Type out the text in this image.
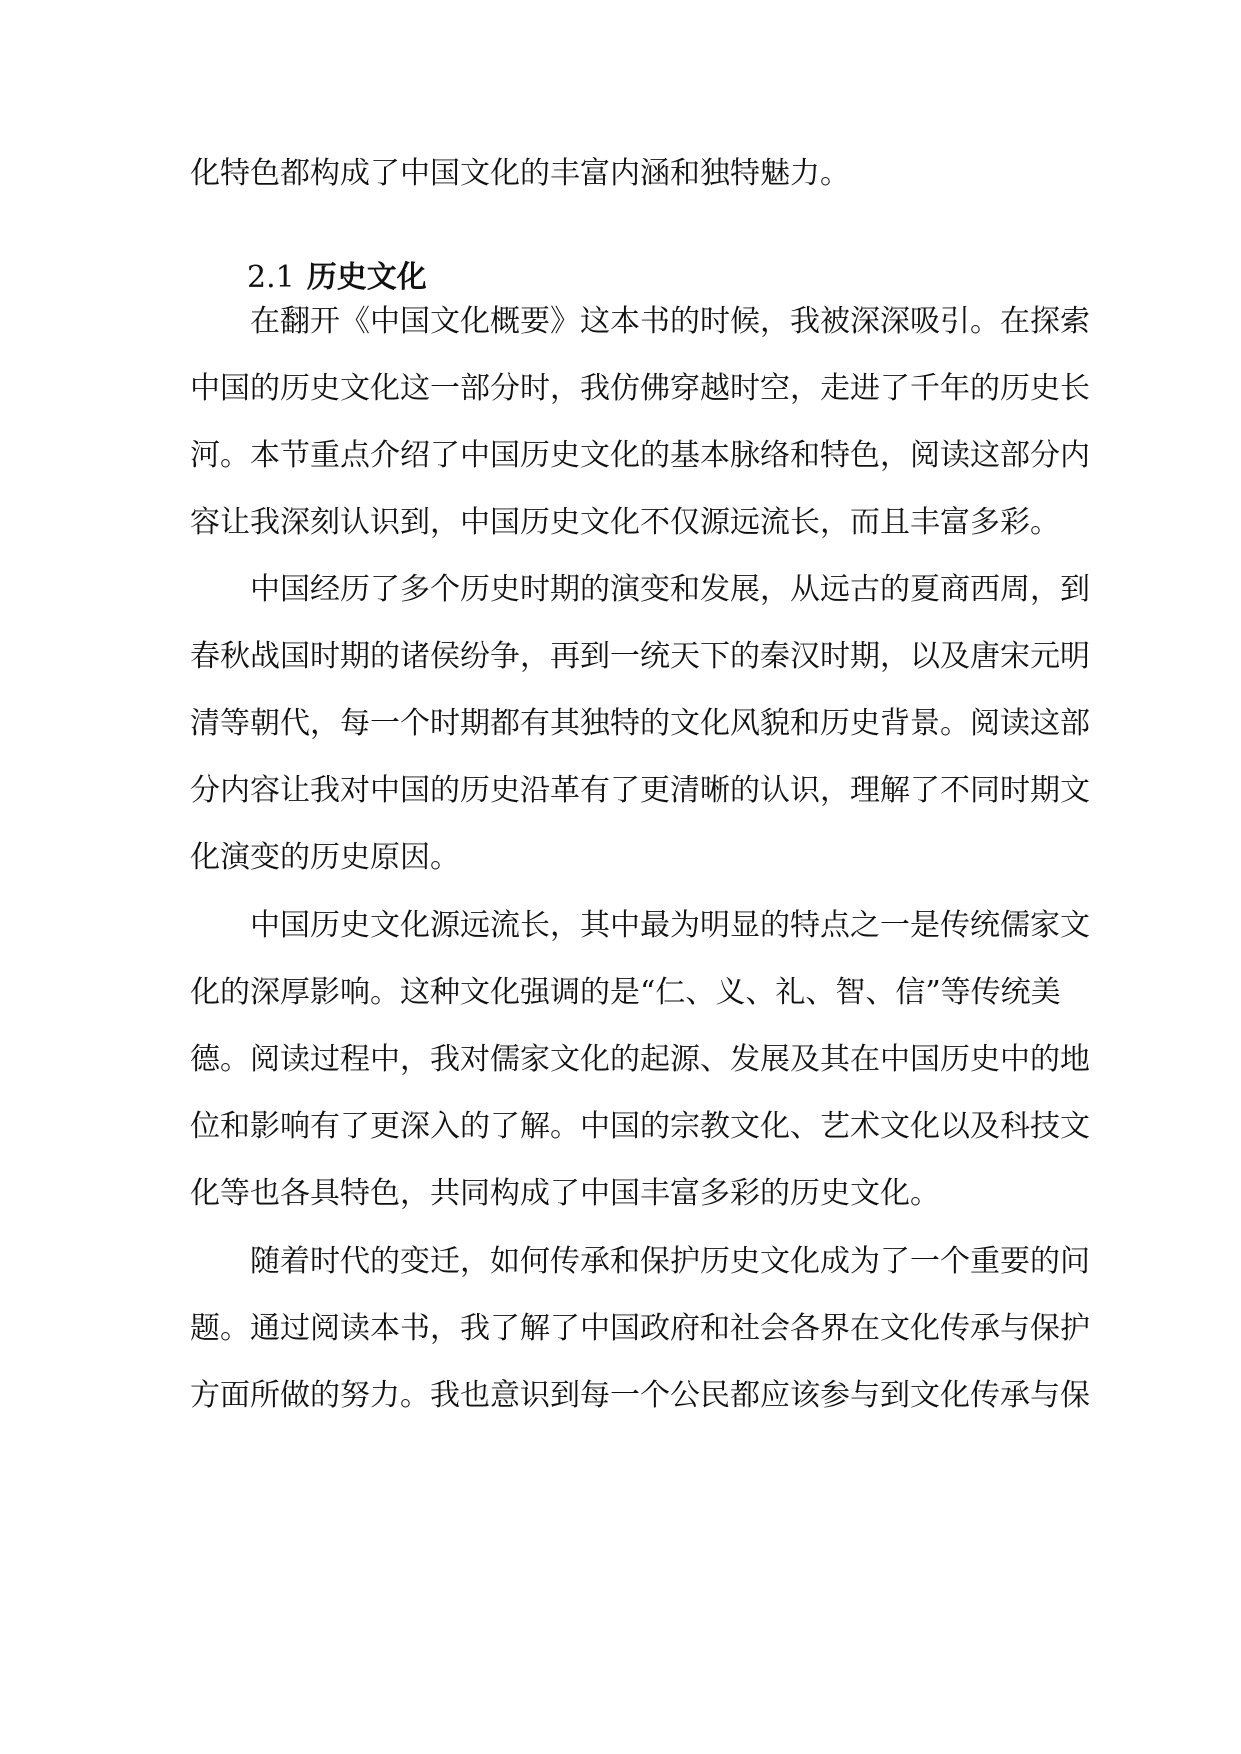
化特色都构成了中国文化的丰富内涵和独特魅力。
2.1 历史文化
在翻开《中国文化概要》这本书的时候，我被深深吸引。在探索
中国的历史文化这一部分时，我仿佛穿越时空，走进了千年的历史长
河。本节重点介绍了中国历史文化的基本脉络和特色，阅读这部分内
容让我深刻认识到，中国历史文化不仅源远流长，而且丰富多彩。
中国经历了多个历史时期的演变和发展，从远古的夏商西周，到
春秋战国时期的诸侯纷争，再到一统天下的秦汉时期，以及唐宋元明
清等朝代，每一个时期都有其独特的文化风貌和历史背景。阅读这部
分内容让我对中国的历史沿革有了更清晰的认识，理解了不同时期文
化演变的历史原因。
中国历史文化源远流长，其中最为明显的特点之一是传统儒家文
化的深厚影响。这种文化强调的是“仁、义、礼、智、信”等传统美
德。阅读过程中，我对儒家文化的起源、发展及其在中国历史中的地
位和影响有了更深入的了解。中国的宗教文化、艺术文化以及科技文
化等也各具特色，共同构成了中国丰富多彩的历史文化。
随着时代的变迁，如何传承和保护历史文化成为了一个重要的问
题。通过阅读本书，我了解了中国政府和社会各界在文化传承与保护
方面所做的努力。我也意识到每一个公民都应该参与到文化传承与保
